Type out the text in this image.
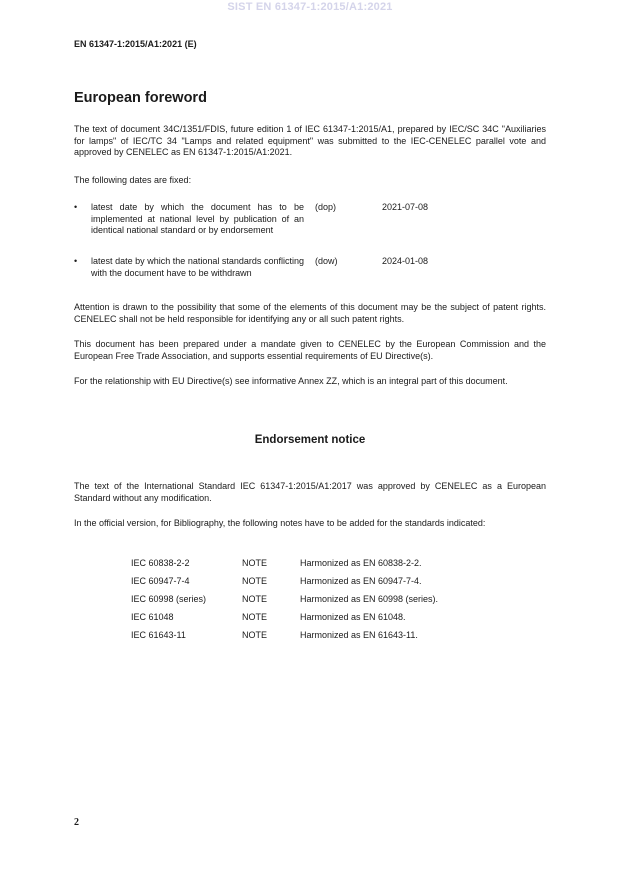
SIST EN 61347-1:2015/A1:2021
EN 61347-1:2015/A1:2021 (E)
European foreword

The text of document 34C/1351/FDIS, future edition 1 of IEC 61347-1:2015/A1, prepared by IEC/SC 34C "Auxiliaries for lamps" of IEC/TC 34 "Lamps and related equipment" was submitted to the IEC-CENELEC parallel vote and approved by CENELEC as EN 61347-1:2015/A1:2021.

The following dates are fixed:

• latest date by which the document has to be implemented at national level by publication of an identical national standard or by endorsement
(dop)	2021-07-08
• latest date by which the national standards conflicting with the document have to be withdrawn
(dow)	2024-01-08

Attention is drawn to the possibility that some of the elements of this document may be the subject of patent rights. CENELEC shall not be held responsible for identifying any or all such patent rights.

This document has been prepared under a mandate given to CENELEC by the European Commission and the European Free Trade Association, and supports essential requirements of EU Directive(s).

For the relationship with EU Directive(s) see informative Annex ZZ, which is an integral part of this document.

Endorsement notice

The text of the International Standard IEC 61347-1:2015/A1:2017 was approved by CENELEC as a European Standard without any modification.

In the official version, for Bibliography, the following notes have to be added for the standards indicated:

IEC 60838-2-2	NOTE	Harmonized as EN 60838-2-2.
IEC 60947-7-4	NOTE	Harmonized as EN 60947-7-4.
IEC 60998 (series)	NOTE	Harmonized as EN 60998 (series).
IEC 61048	NOTE	Harmonized as EN 61048.
IEC 61643-11	NOTE	Harmonized as EN 61643-11.
2
